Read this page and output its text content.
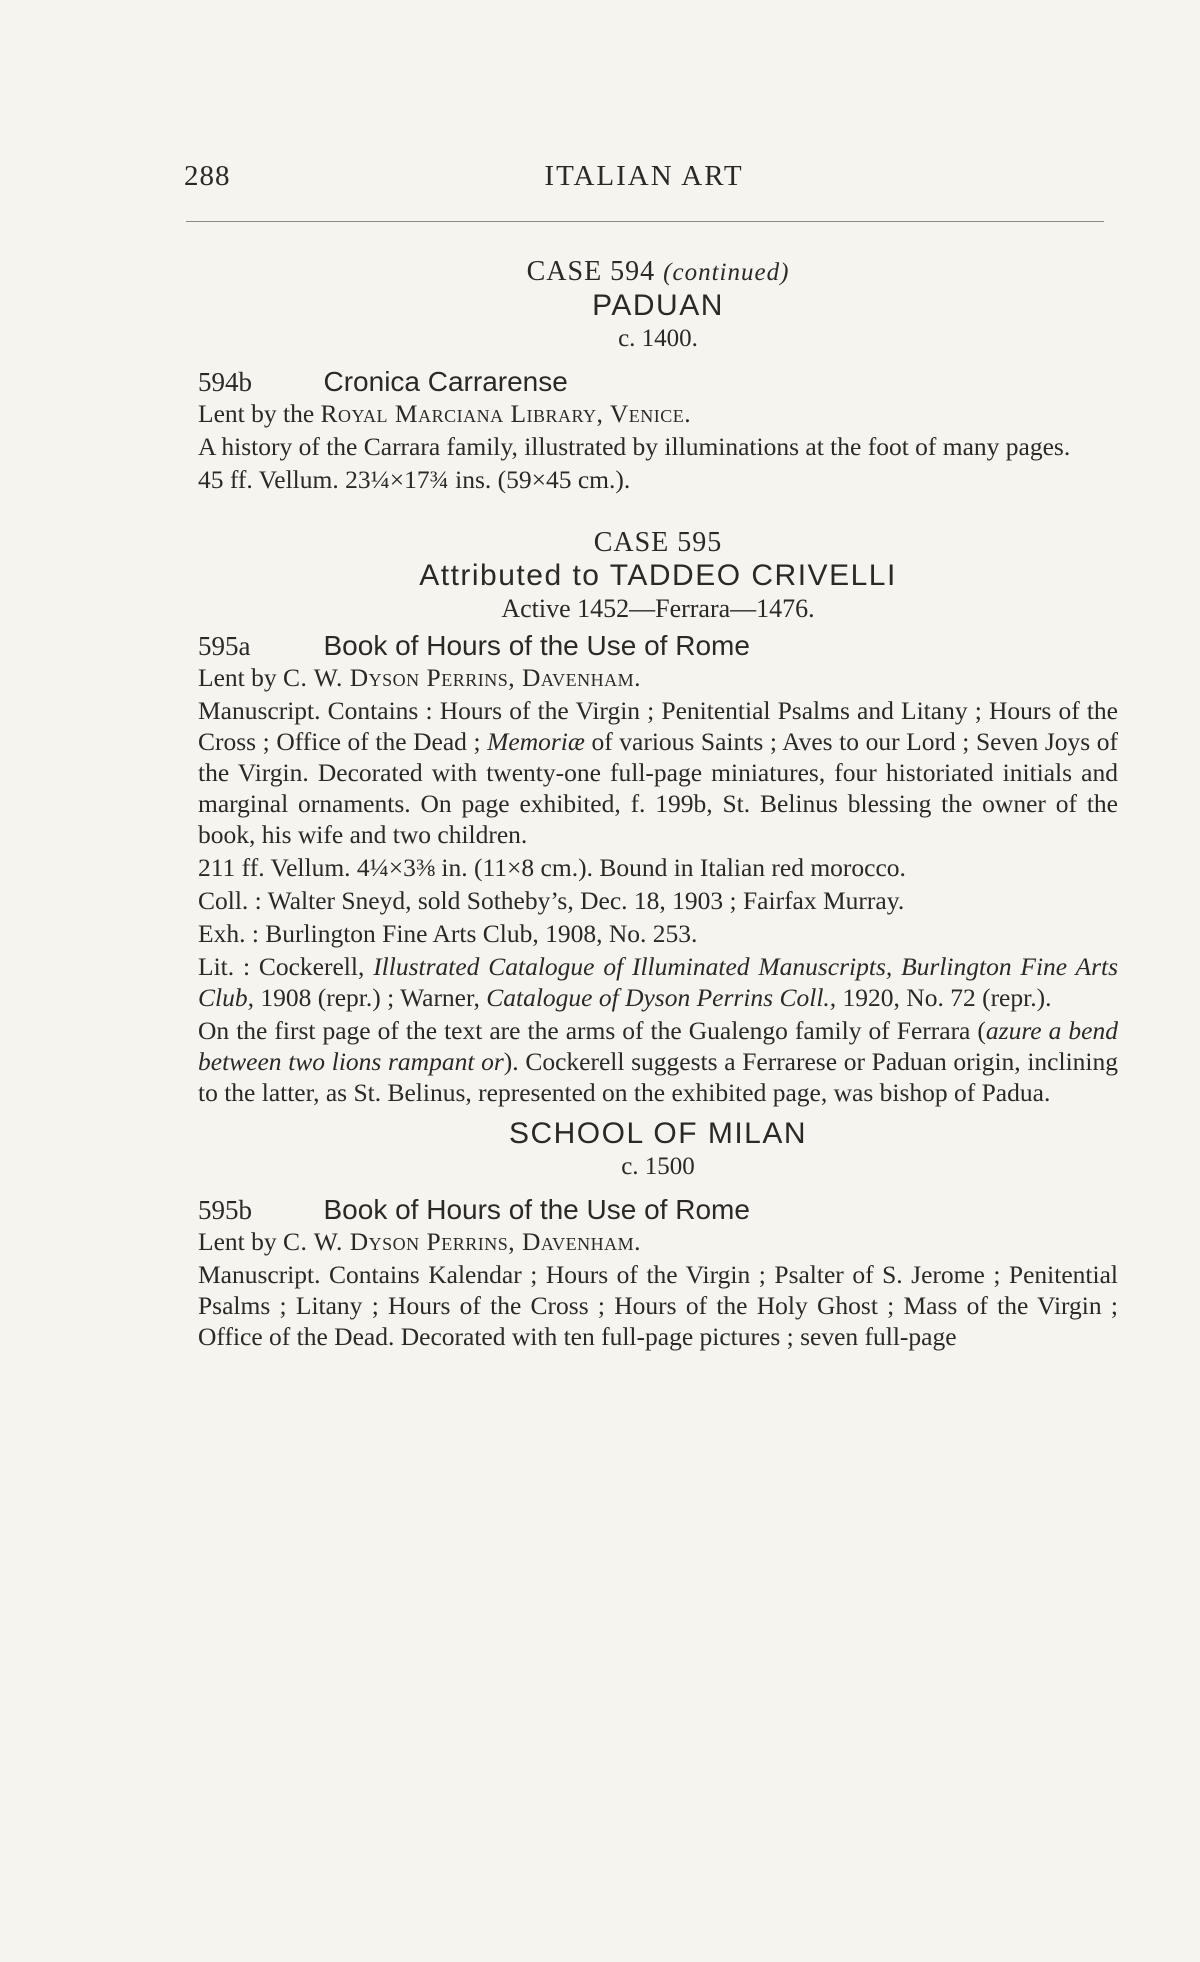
288	ITALIAN ART
CASE 594 (continued)
PADUAN
c. 1400.
594b	Cronica Carrarense

Lent by the Royal Marciana Library, Venice.

A history of the Carrara family, illustrated by illuminations at the foot of many pages.

45 ff. Vellum. 23¼×17¾ ins. (59×45 cm.).

CASE 595
Attributed to TADDEO CRIVELLI
Active 1452—Ferrara—1476.
595a	Book of Hours of the Use of Rome

Lent by C. W. Dyson Perrins, Davenham.

Manuscript. Contains : Hours of the Virgin ; Penitential Psalms and Litany ; Hours of the Cross ; Office of the Dead ; Memoriæ of various Saints ; Aves to our Lord ; Seven Joys of the Virgin. Decorated with twenty-one full-page miniatures, four historiated initials and marginal ornaments. On page exhibited, f. 199b, St. Belinus blessing the owner of the book, his wife and two children.

211 ff. Vellum. 4¼×3⅜ in. (11×8 cm.). Bound in Italian red morocco.

Coll. : Walter Sneyd, sold Sotheby’s, Dec. 18, 1903 ; Fairfax Murray.

Exh. : Burlington Fine Arts Club, 1908, No. 253.

Lit. : Cockerell, Illustrated Catalogue of Illuminated Manuscripts, Burlington Fine Arts Club, 1908 (repr.) ; Warner, Catalogue of Dyson Perrins Coll., 1920, No. 72 (repr.).

On the first page of the text are the arms of the Gualengo family of Ferrara (azure a bend between two lions rampant or). Cockerell suggests a Ferrarese or Paduan origin, inclining to the latter, as St. Belinus, represented on the exhibited page, was bishop of Padua.

SCHOOL OF MILAN
c. 1500
595b	Book of Hours of the Use of Rome

Lent by C. W. Dyson Perrins, Davenham.

Manuscript. Contains Kalendar ; Hours of the Virgin ; Psalter of S. Jerome ; Penitential Psalms ; Litany ; Hours of the Cross ; Hours of the Holy Ghost ; Mass of the Virgin ; Office of the Dead. Decorated with ten full-page pictures ; seven full-page
